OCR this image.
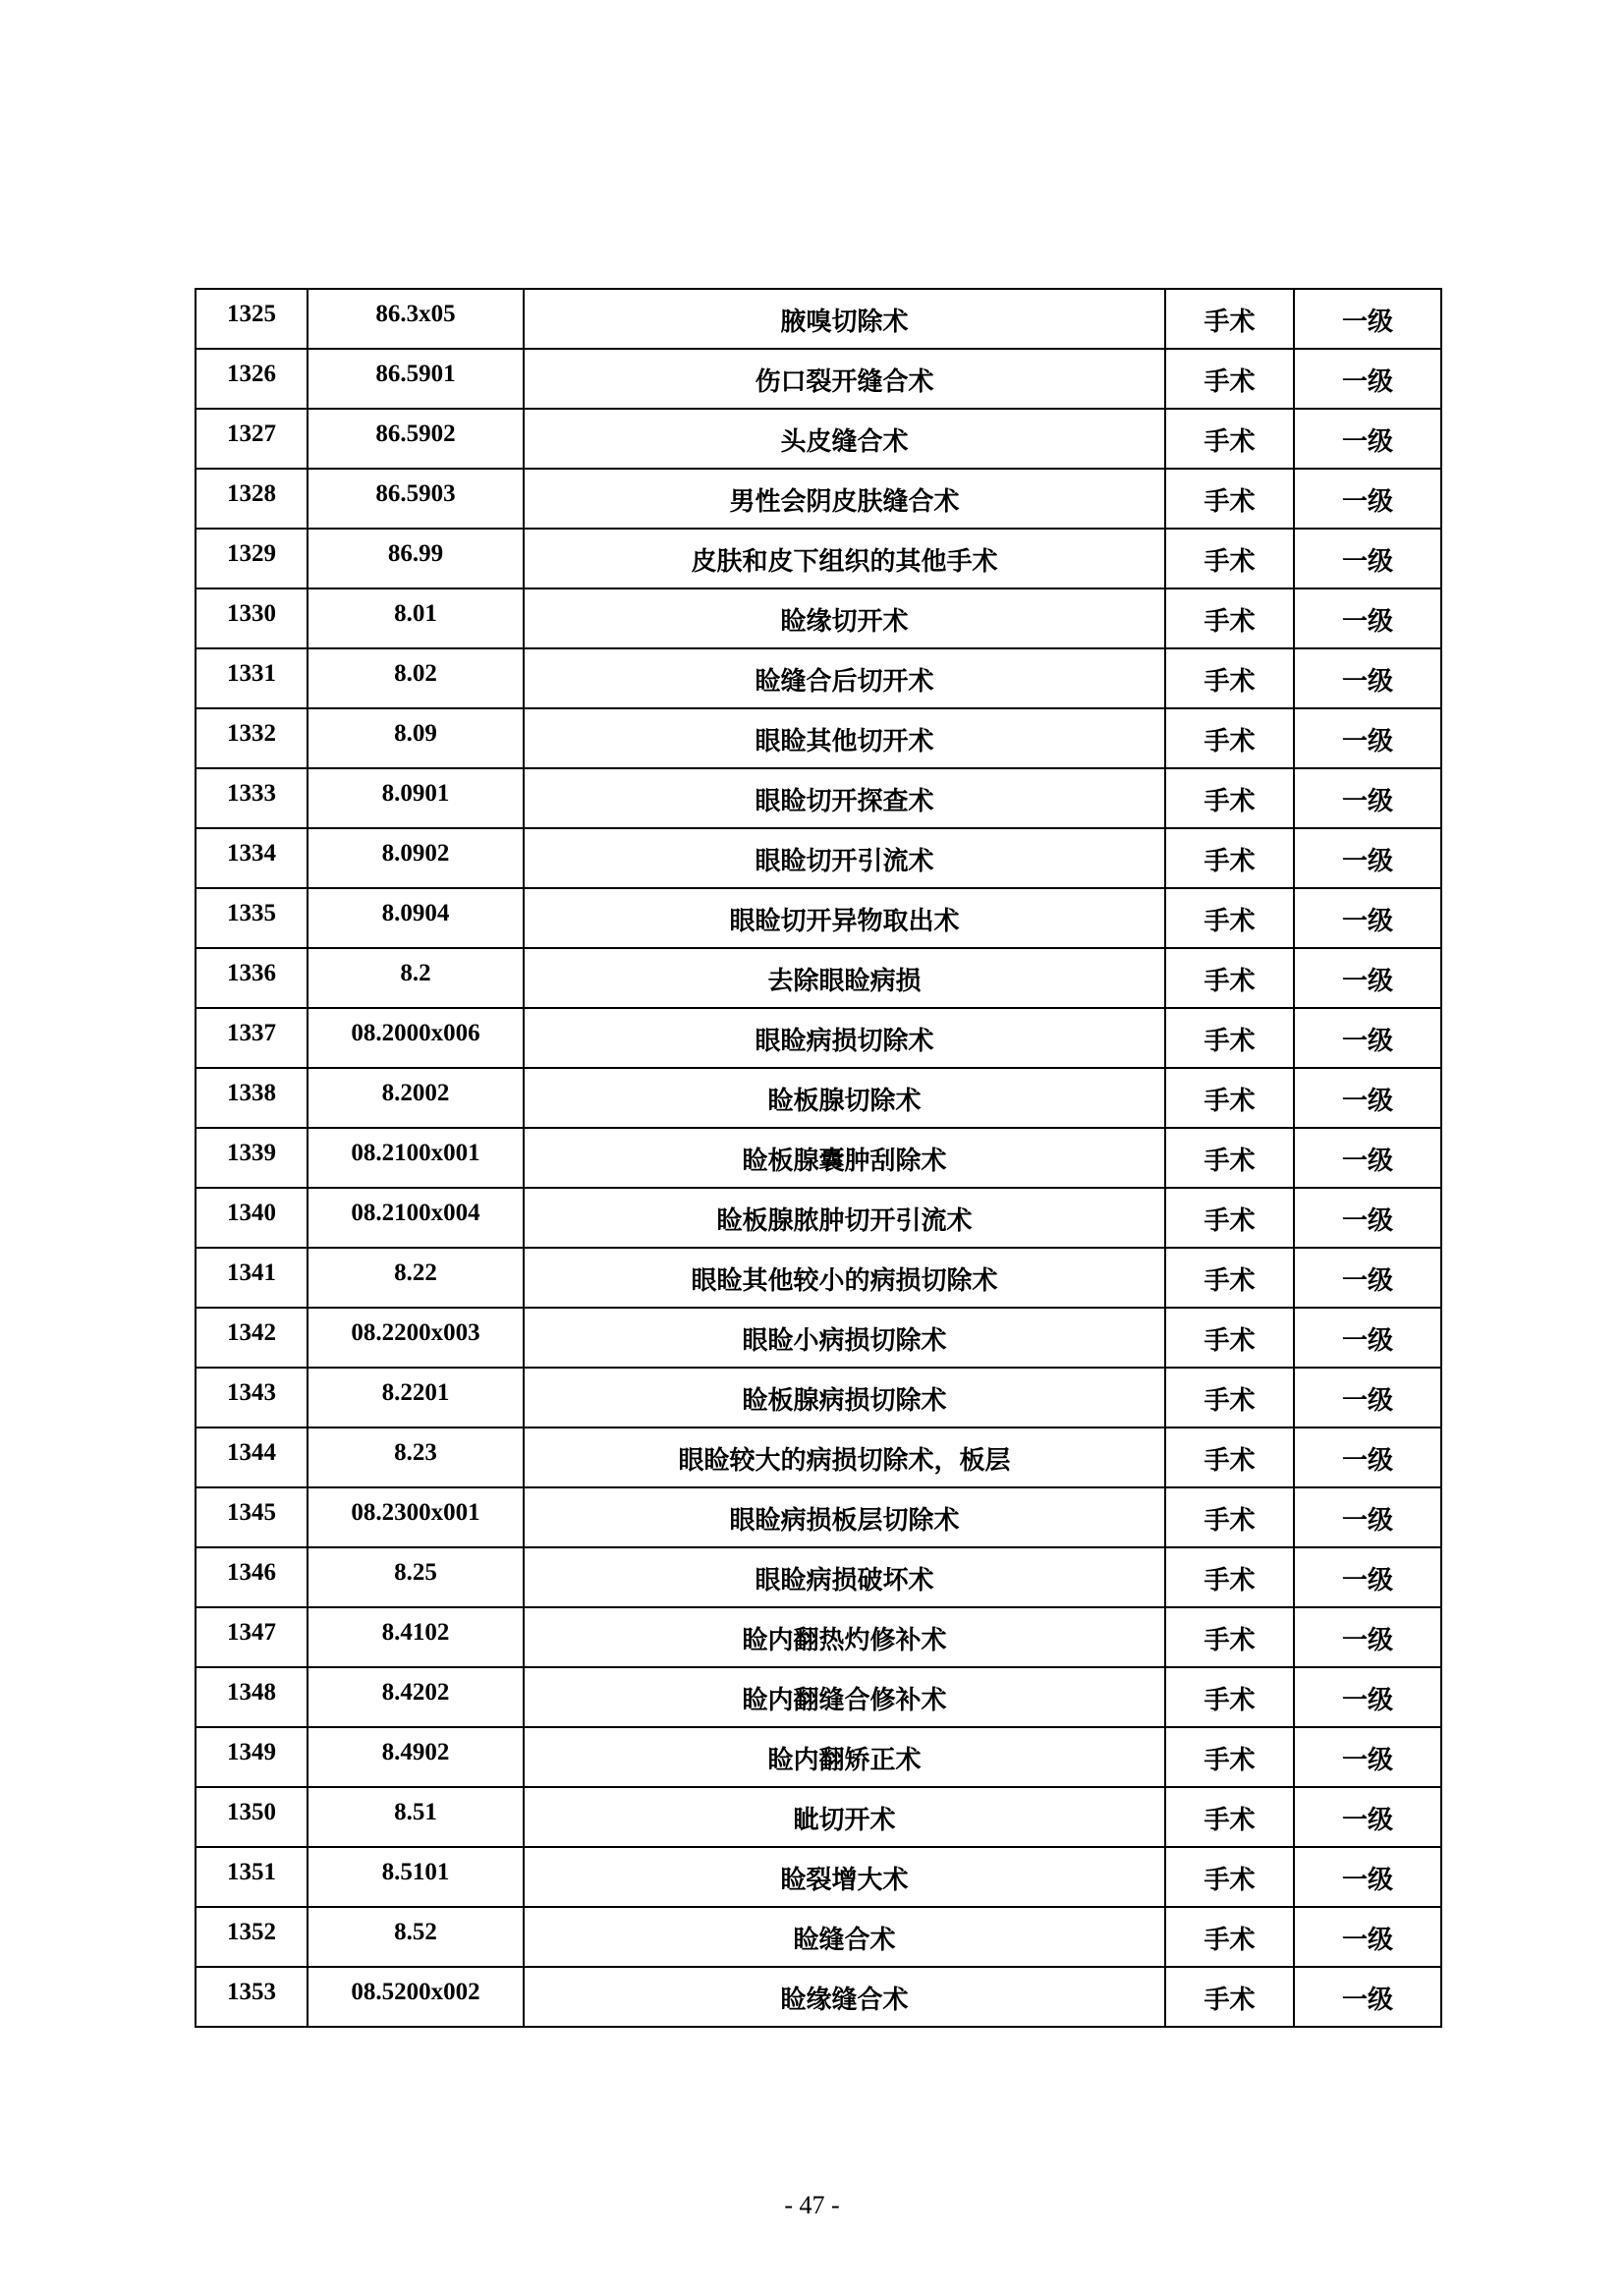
1325	86.3x05	腋嗅切除术	手术	一级
1326	86.5901	伤口裂开缝合术	手术	一级
1327	86.5902	头皮缝合术	手术	一级
1328	86.5903	男性会阴皮肤缝合术	手术	一级
1329	86.99	皮肤和皮下组织的其他手术	手术	一级
1330	8.01	睑缘切开术	手术	一级
1331	8.02	睑缝合后切开术	手术	一级
1332	8.09	眼睑其他切开术	手术	一级
1333	8.0901	眼睑切开探查术	手术	一级
1334	8.0902	眼睑切开引流术	手术	一级
1335	8.0904	眼睑切开异物取出术	手术	一级
1336	8.2	去除眼睑病损	手术	一级
1337	08.2000x006	眼睑病损切除术	手术	一级
1338	8.2002	睑板腺切除术	手术	一级
1339	08.2100x001	睑板腺囊肿刮除术	手术	一级
1340	08.2100x004	睑板腺脓肿切开引流术	手术	一级
1341	8.22	眼睑其他较小的病损切除术	手术	一级
1342	08.2200x003	眼睑小病损切除术	手术	一级
1343	8.2201	睑板腺病损切除术	手术	一级
1344	8.23	眼睑较大的病损切除术，板层	手术	一级
1345	08.2300x001	眼睑病损板层切除术	手术	一级
1346	8.25	眼睑病损破坏术	手术	一级
1347	8.4102	睑内翻热灼修补术	手术	一级
1348	8.4202	睑内翻缝合修补术	手术	一级
1349	8.4902	睑内翻矫正术	手术	一级
1350	8.51	眦切开术	手术	一级
1351	8.5101	睑裂增大术	手术	一级
1352	8.52	睑缝合术	手术	一级
1353	08.5200x002	睑缘缝合术	手术	一级
- 47 -
